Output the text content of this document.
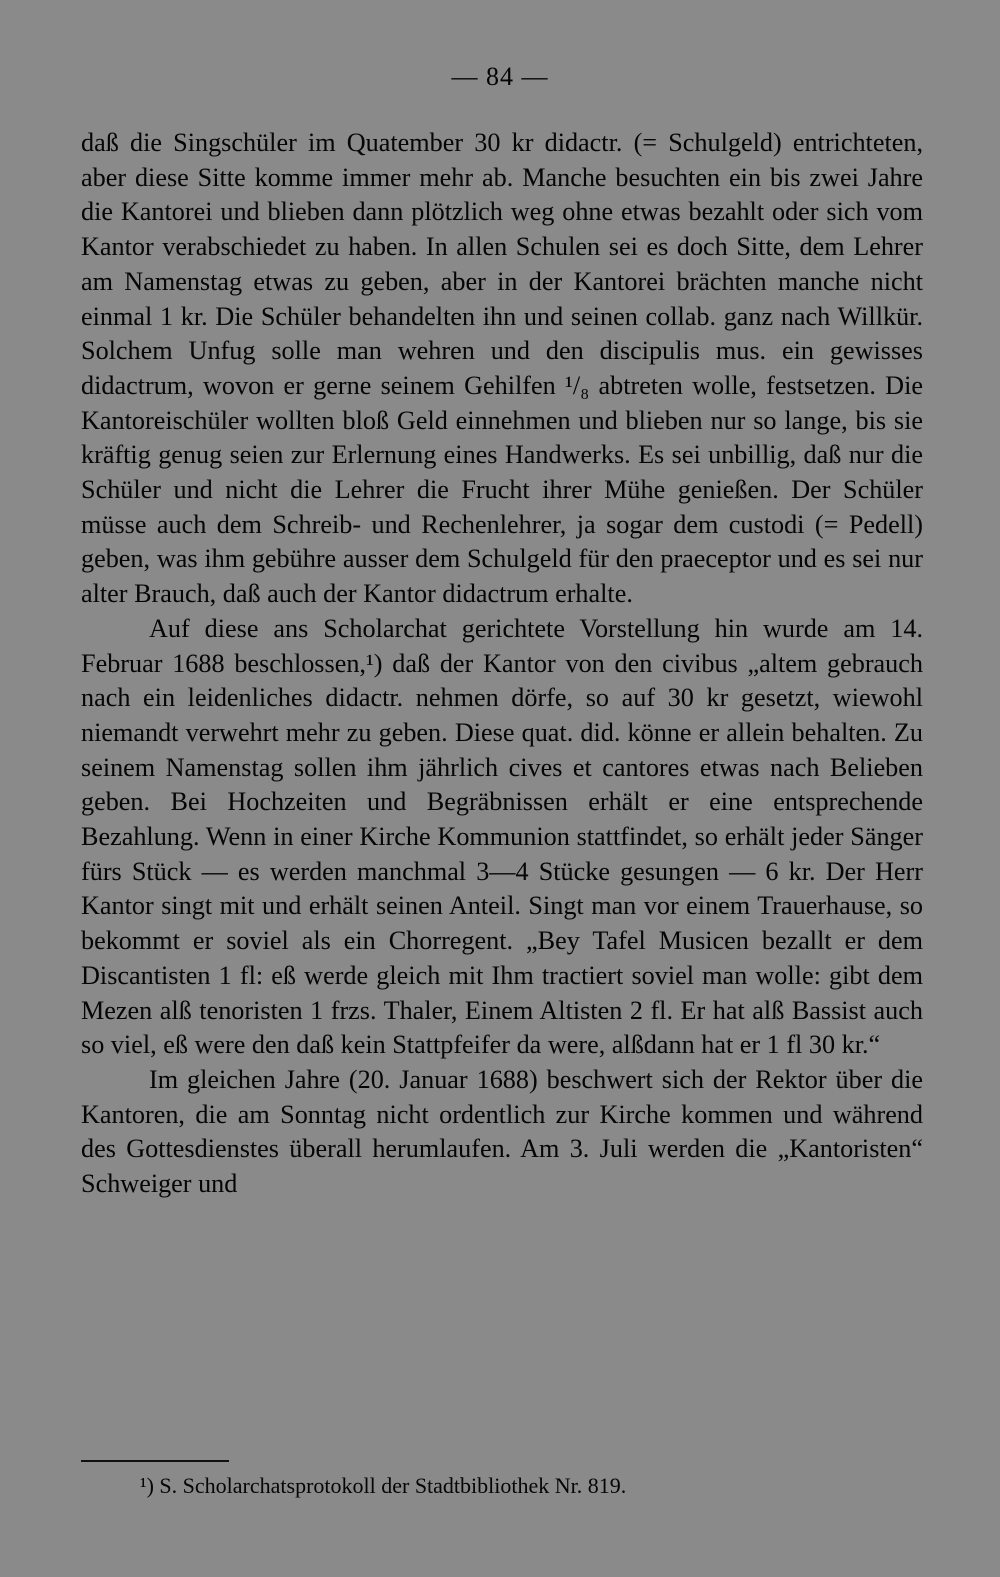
— 84 —

daß die Singschüler im Quatember 30 kr didactr. (= Schulgeld) entrichteten, aber diese Sitte komme immer mehr ab. Manche besuchten ein bis zwei Jahre die Kantorei und blieben dann plötzlich weg ohne etwas bezahlt oder sich vom Kantor verabschiedet zu haben. In allen Schulen sei es doch Sitte, dem Lehrer am Namenstag etwas zu geben, aber in der Kantorei brächten manche nicht einmal 1 kr. Die Schüler behandelten ihn und seinen collab. ganz nach Willkür. Solchem Unfug solle man wehren und den discipulis mus. ein gewisses didactrum, wovon er gerne seinem Gehilfen ¹/₈ abtreten wolle, festsetzen. Die Kantoreischüler wollten bloß Geld einnehmen und blieben nur so lange, bis sie kräftig genug seien zur Erlernung eines Handwerks. Es sei unbillig, daß nur die Schüler und nicht die Lehrer die Frucht ihrer Mühe genießen. Der Schüler müsse auch dem Schreib- und Rechenlehrer, ja sogar dem custodi (= Pedell) geben, was ihm gebühre ausser dem Schulgeld für den praeceptor und es sei nur alter Brauch, daß auch der Kantor didactrum erhalte.

Auf diese ans Scholarchat gerichtete Vorstellung hin wurde am 14. Februar 1688 beschlossen,¹) daß der Kantor von den civibus „altem gebrauch nach ein leidenliches didactr. nehmen dörfe, so auf 30 kr gesetzt, wiewohl niemandt verwehrt mehr zu geben. Diese quat. did. könne er allein behalten. Zu seinem Namenstag sollen ihm jährlich cives et cantores etwas nach Belieben geben. Bei Hochzeiten und Begräbnissen erhält er eine entsprechende Bezahlung. Wenn in einer Kirche Kommunion stattfindet, so erhält jeder Sänger fürs Stück — es werden manchmal 3—4 Stücke gesungen — 6 kr. Der Herr Kantor singt mit und erhält seinen Anteil. Singt man vor einem Trauerhause, so bekommt er soviel als ein Chorregent. „Bey Tafel Musicen bezallt er dem Discantisten 1 fl: eß werde gleich mit Ihm tractiert soviel man wolle: gibt dem Mezen alß tenoristen 1 frzs. Thaler, Einem Altisten 2 fl. Er hat alß Bassist auch so viel, eß were den daß kein Stattpfeifer da were, alßdann hat er 1 fl 30 kr.“

Im gleichen Jahre (20. Januar 1688) beschwert sich der Rektor über die Kantoren, die am Sonntag nicht ordentlich zur Kirche kommen und während des Gottesdienstes überall herumlaufen. Am 3. Juli werden die „Kantoristen“ Schweiger und

¹) S. Scholarchatsprotokoll der Stadtbibliothek Nr. 819.
